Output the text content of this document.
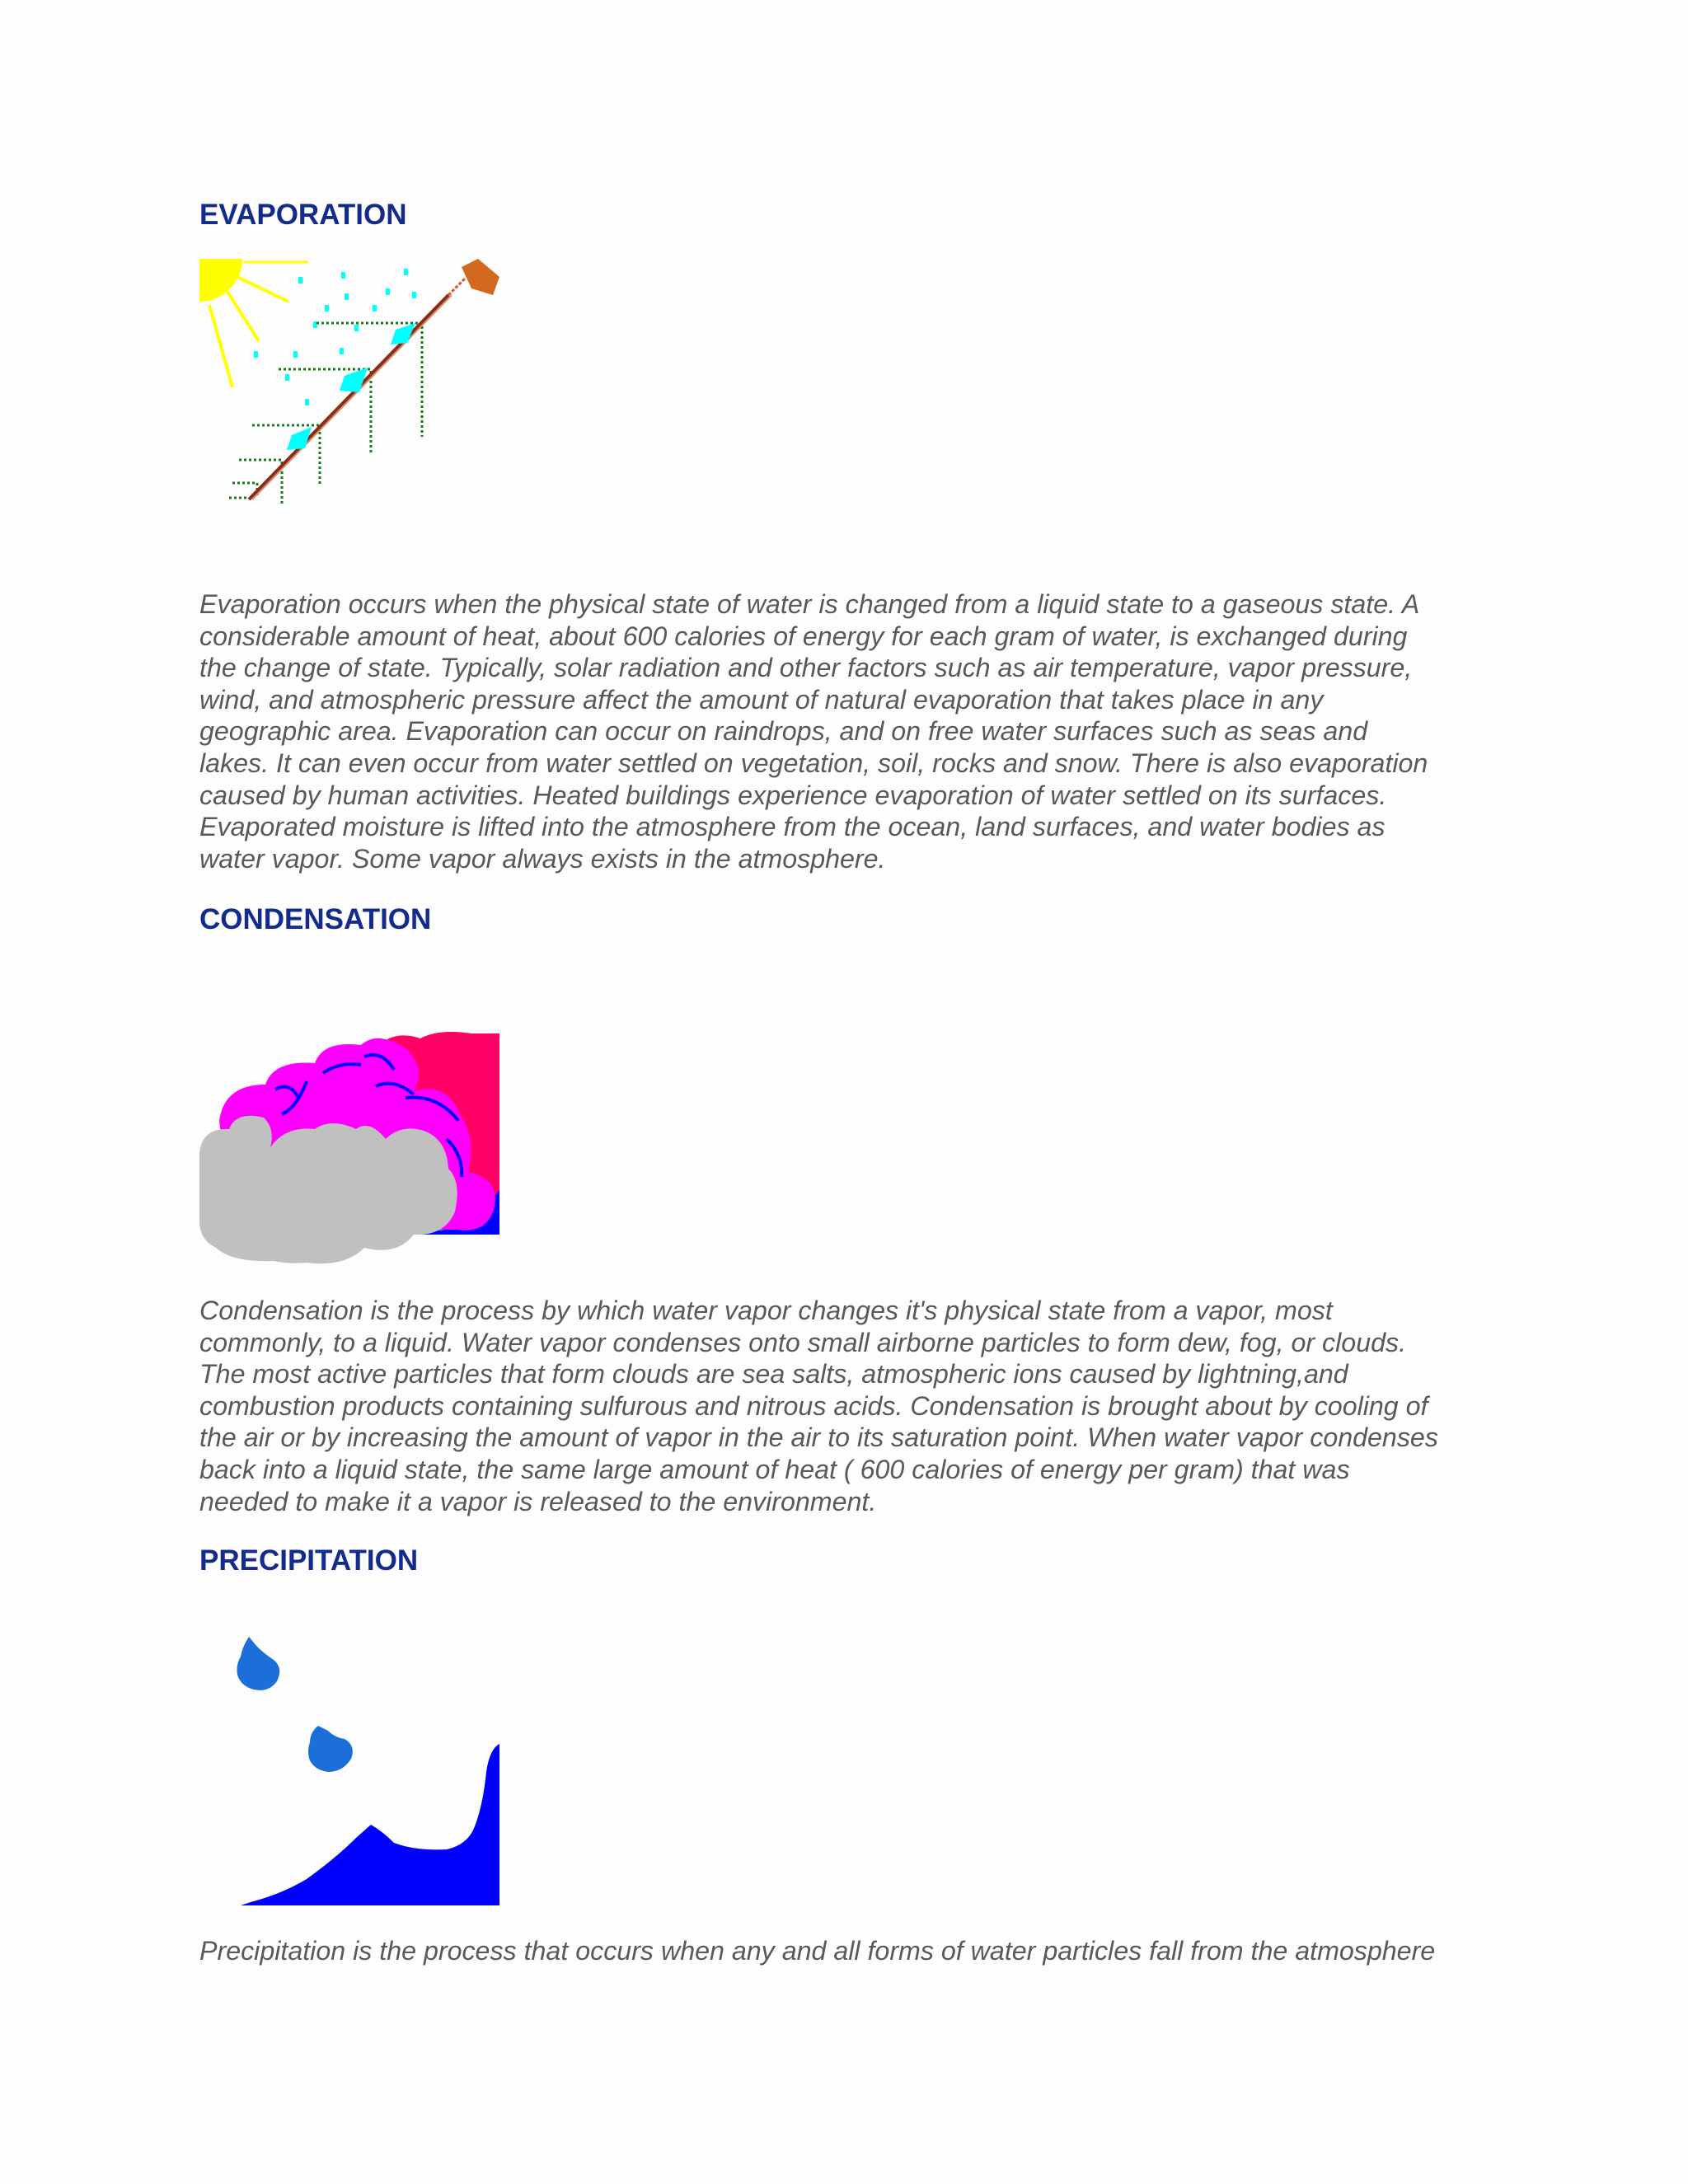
EVAPORATION

Evaporation occurs when the physical state of water is changed from a liquid state to a gaseous state. A
considerable amount of heat, about 600 calories of energy for each gram of water, is exchanged during
the change of state. Typically, solar radiation and other factors such as air temperature, vapor pressure,
wind, and atmospheric pressure affect the amount of natural evaporation that takes place in any
geographic area. Evaporation can occur on raindrops, and on free water surfaces such as seas and
lakes. It can even occur from water settled on vegetation, soil, rocks and snow. There is also evaporation
caused by human activities. Heated buildings experience evaporation of water settled on its surfaces.
Evaporated moisture is lifted into the atmosphere from the ocean, land surfaces, and water bodies as
water vapor. Some vapor always exists in the atmosphere.

CONDENSATION

Condensation is the process by which water vapor changes it's physical state from a vapor, most
commonly, to a liquid. Water vapor condenses onto small airborne particles to form dew, fog, or clouds.
The most active particles that form clouds are sea salts, atmospheric ions caused by lightning,and
combustion products containing sulfurous and nitrous acids. Condensation is brought about by cooling of
the air or by increasing the amount of vapor in the air to its saturation point. When water vapor condenses
back into a liquid state, the same large amount of heat ( 600 calories of energy per gram) that was
needed to make it a vapor is released to the environment.

PRECIPITATION

Precipitation is the process that occurs when any and all forms of water particles fall from the atmosphere
